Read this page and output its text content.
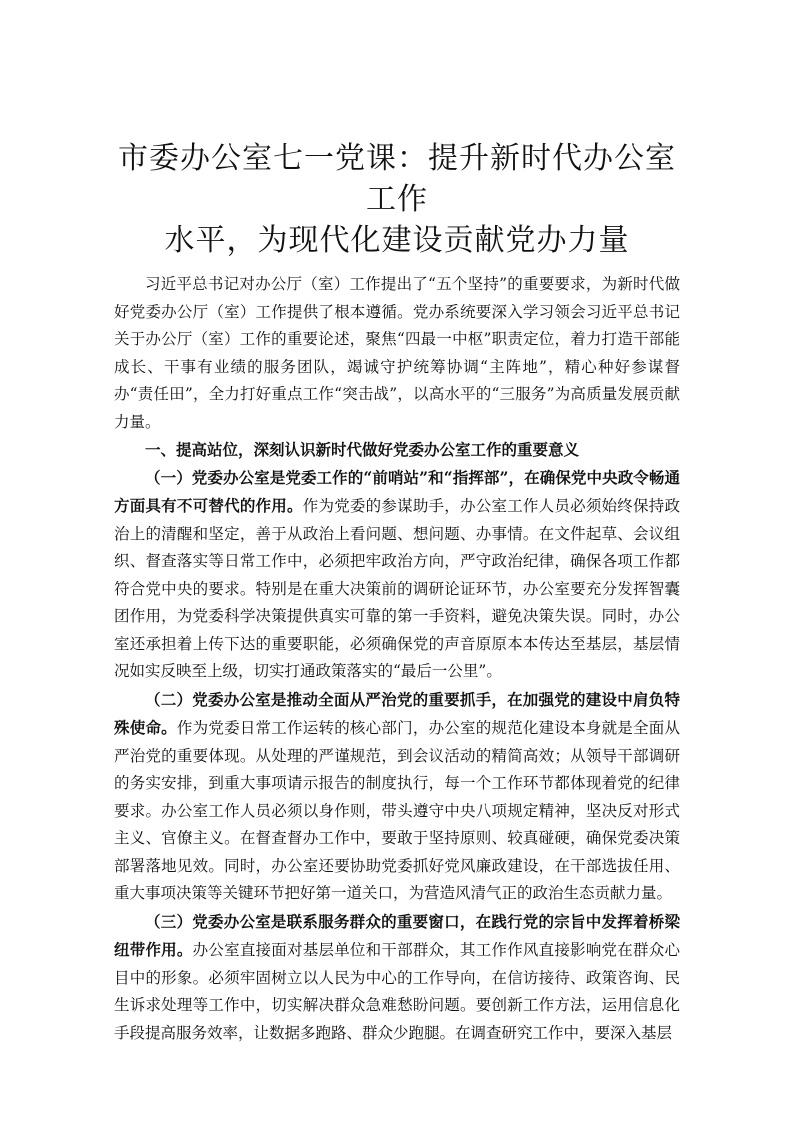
市委办公室七一党课：提升新时代办公室工作
水平，为现代化建设贡献党办力量

习近平总书记对办公厅（室）工作提出了“五个坚持”的重要要求，为新时代做好党委办公厅（室）工作提供了根本遵循。党办系统要深入学习领会习近平总书记关于办公厅（室）工作的重要论述，聚焦“四最一中枢”职责定位，着力打造干部能成长、干事有业绩的服务团队，竭诚守护统筹协调“主阵地”，精心种好参谋督办“责任田”，全力打好重点工作“突击战”，以高水平的“三服务”为高质量发展贡献力量。

一、提高站位，深刻认识新时代做好党委办公室工作的重要意义

（一）党委办公室是党委工作的“前哨站”和“指挥部”，在确保党中央政令畅通方面具有不可替代的作用。作为党委的参谋助手，办公室工作人员必须始终保持政治上的清醒和坚定，善于从政治上看问题、想问题、办事情。在文件起草、会议组织、督查落实等日常工作中，必须把牢政治方向，严守政治纪律，确保各项工作都符合党中央的要求。特别是在重大决策前的调研论证环节，办公室要充分发挥智囊团作用，为党委科学决策提供真实可靠的第一手资料，避免决策失误。同时，办公室还承担着上传下达的重要职能，必须确保党的声音原原本本传达至基层，基层情况如实反映至上级，切实打通政策落实的“最后一公里”。

（二）党委办公室是推动全面从严治党的重要抓手，在加强党的建设中肩负特殊使命。作为党委日常工作运转的核心部门，办公室的规范化建设本身就是全面从严治党的重要体现。从处理的严谨规范，到会议活动的精简高效；从领导干部调研的务实安排，到重大事项请示报告的制度执行，每一个工作环节都体现着党的纪律要求。办公室工作人员必须以身作则，带头遵守中央八项规定精神，坚决反对形式主义、官僚主义。在督查督办工作中，要敢于坚持原则、较真碰硬，确保党委决策部署落地见效。同时，办公室还要协助党委抓好党风廉政建设，在干部选拔任用、重大事项决策等关键环节把好第一道关口，为营造风清气正的政治生态贡献力量。

（三）党委办公室是联系服务群众的重要窗口，在践行党的宗旨中发挥着桥梁纽带作用。办公室直接面对基层单位和干部群众，其工作作风直接影响党在群众心目中的形象。必须牢固树立以人民为中心的工作导向，在信访接待、政策咨询、民生诉求处理等工作中，切实解决群众急难愁盼问题。要创新工作方法，运用信息化手段提高服务效率，让数据多跑路、群众少跑腿。在调查研究工作中，要深入基层
